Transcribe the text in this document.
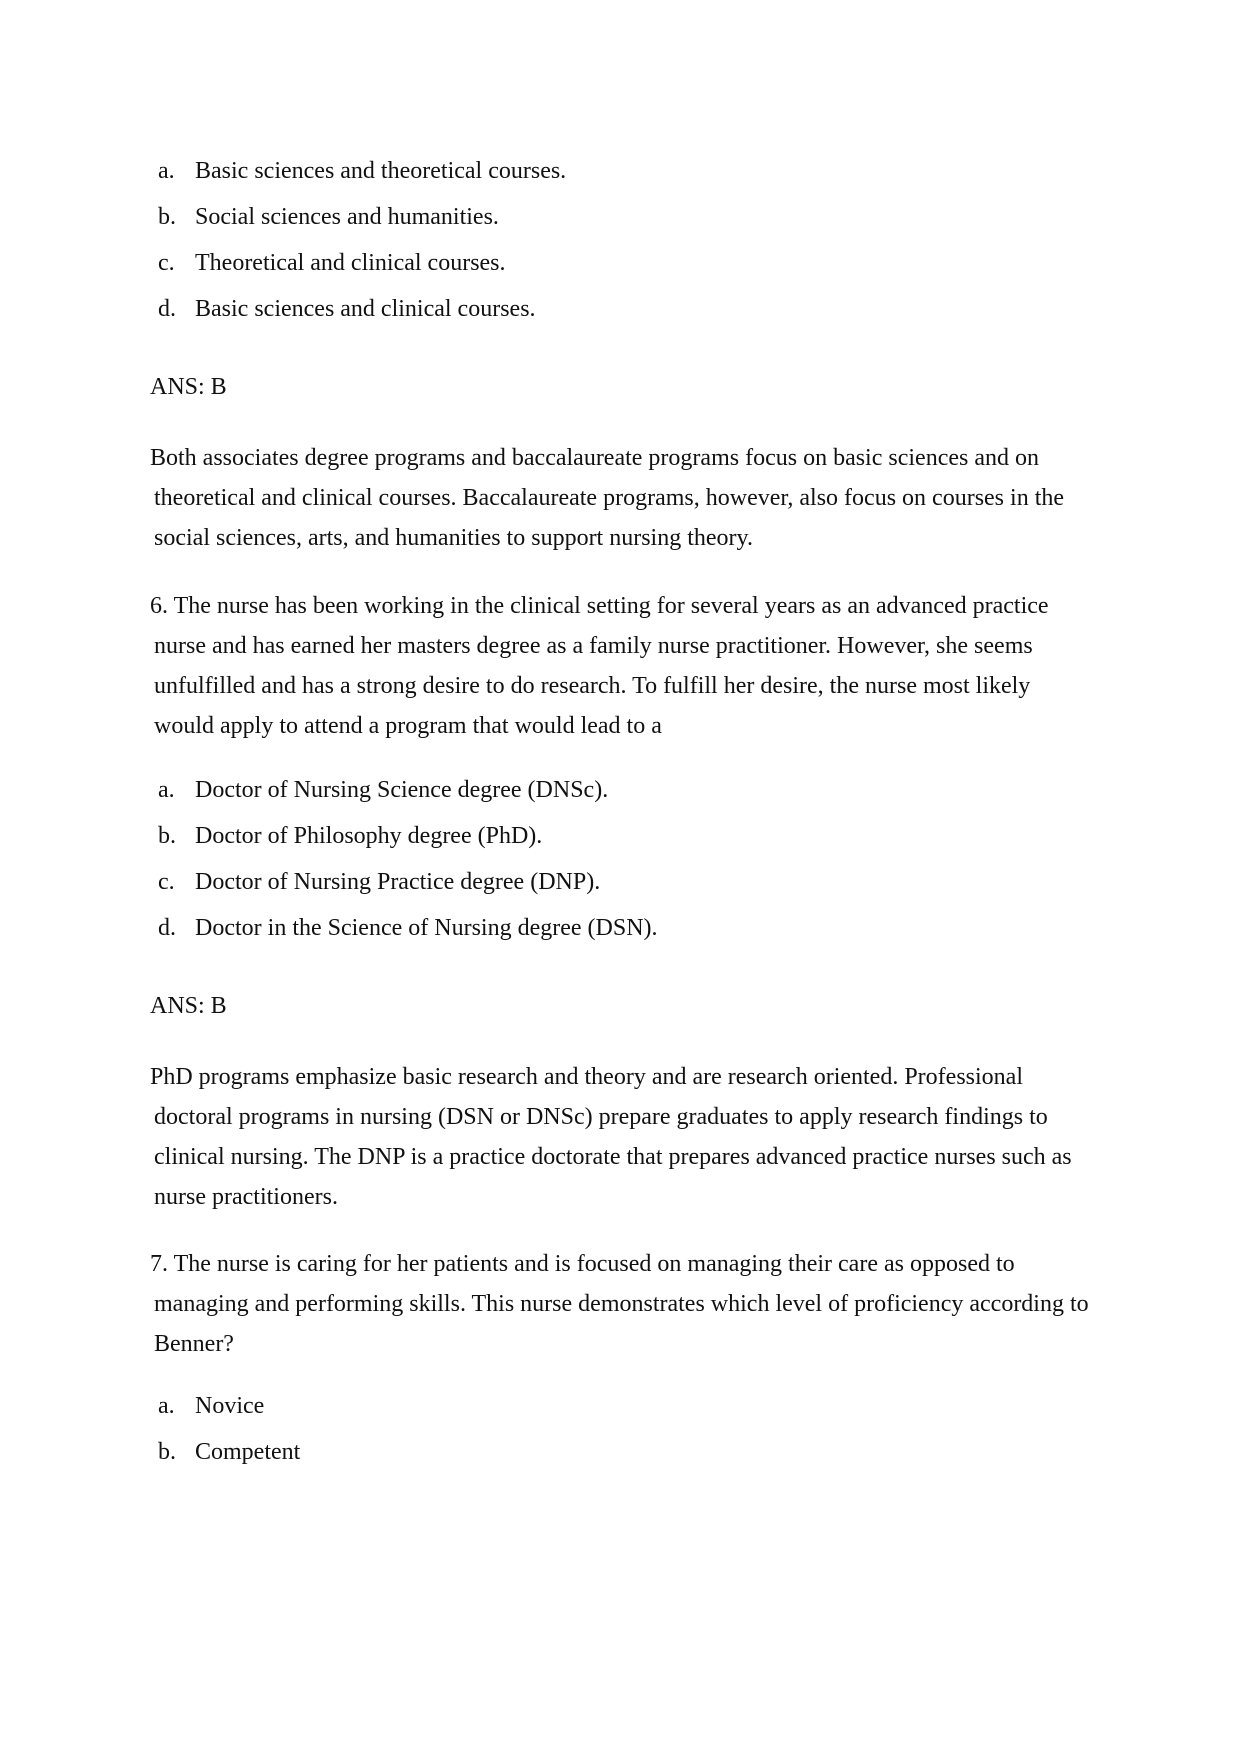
a. Basic sciences and theoretical courses.
b. Social sciences and humanities.
c. Theoretical and clinical courses.
d. Basic sciences and clinical courses.
ANS: B
Both associates degree programs and baccalaureate programs focus on basic sciences and on
theoretical and clinical courses. Baccalaureate programs, however, also focus on courses in the
social sciences, arts, and humanities to support nursing theory.
6. The nurse has been working in the clinical setting for several years as an advanced practice
nurse and has earned her masters degree as a family nurse practitioner. However, she seems
unfulfilled and has a strong desire to do research. To fulfill her desire, the nurse most likely
would apply to attend a program that would lead to a
a. Doctor of Nursing Science degree (DNSc).
b. Doctor of Philosophy degree (PhD).
c. Doctor of Nursing Practice degree (DNP).
d. Doctor in the Science of Nursing degree (DSN).
ANS: B
PhD programs emphasize basic research and theory and are research oriented. Professional
doctoral programs in nursing (DSN or DNSc) prepare graduates to apply research findings to
clinical nursing. The DNP is a practice doctorate that prepares advanced practice nurses such as
nurse practitioners.
7. The nurse is caring for her patients and is focused on managing their care as opposed to
managing and performing skills. This nurse demonstrates which level of proficiency according to
Benner?
a. Novice
b. Competent
